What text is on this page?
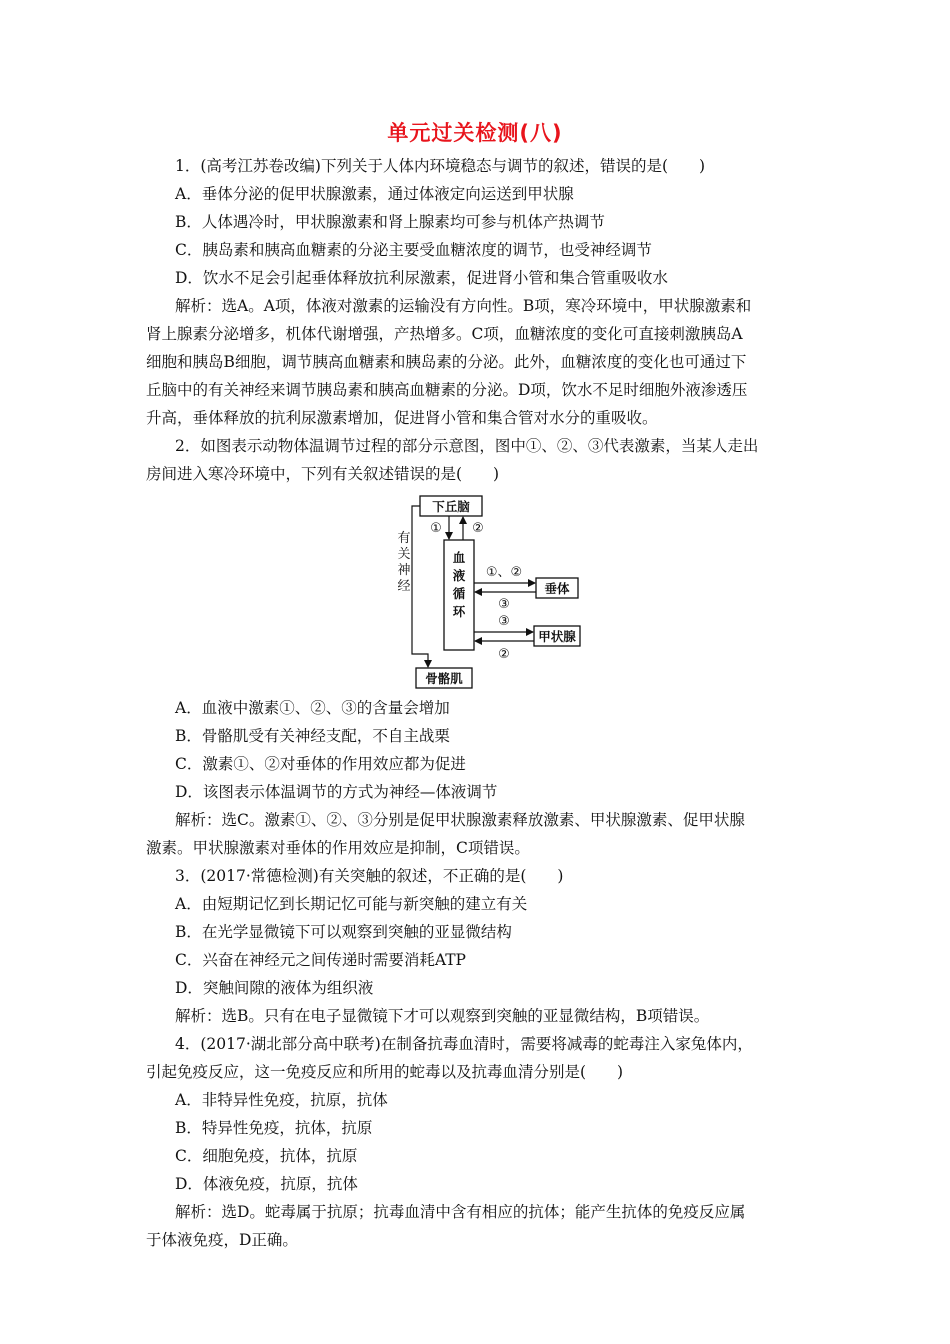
单元过关检测(八)
1．(高考江苏卷改编)下列关于人体内环境稳态与调节的叙述，错误的是(　　)
A．垂体分泌的促甲状腺激素，通过体液定向运送到甲状腺
B．人体遇冷时，甲状腺激素和肾上腺素均可参与机体产热调节
C．胰岛素和胰高血糖素的分泌主要受血糖浓度的调节，也受神经调节
D．饮水不足会引起垂体释放抗利尿激素，促进肾小管和集合管重吸收水
解析：选A。A项，体液对激素的运输没有方向性。B项，寒冷环境中，甲状腺激素和
肾上腺素分泌增多，机体代谢增强，产热增多。C项，血糖浓度的变化可直接刺激胰岛A
细胞和胰岛B细胞，调节胰高血糖素和胰岛素的分泌。此外，血糖浓度的变化也可通过下
丘脑中的有关神经来调节胰岛素和胰高血糖素的分泌。D项，饮水不足时细胞外液渗透压
升高，垂体释放的抗利尿激素增加，促进肾小管和集合管对水分的重吸收。
2．如图表示动物体温调节过程的部分示意图，图中①、②、③代表激素，当某人走出
房间进入寒冷环境中，下列有关叙述错误的是(　　)
下丘脑
血
液
循
环
垂体
甲状腺
骨骼肌
有
关
神
经
① ②
①、②
③
③
②
A．血液中激素①、②、③的含量会增加
B．骨骼肌受有关神经支配，不自主战栗
C．激素①、②对垂体的作用效应都为促进
D．该图表示体温调节的方式为神经—体液调节
解析：选C。激素①、②、③分别是促甲状腺激素释放激素、甲状腺激素、促甲状腺
激素。甲状腺激素对垂体的作用效应是抑制，C项错误。
3．(2017·常德检测)有关突触的叙述，不正确的是(　　)
A．由短期记忆到长期记忆可能与新突触的建立有关
B．在光学显微镜下可以观察到突触的亚显微结构
C．兴奋在神经元之间传递时需要消耗ATP
D．突触间隙的液体为组织液
解析：选B。只有在电子显微镜下才可以观察到突触的亚显微结构，B项错误。
4．(2017·湖北部分高中联考)在制备抗毒血清时，需要将减毒的蛇毒注入家兔体内，
引起免疫反应，这一免疫反应和所用的蛇毒以及抗毒血清分别是(　　)
A．非特异性免疫，抗原，抗体
B．特异性免疫，抗体，抗原
C．细胞免疫，抗体，抗原
D．体液免疫，抗原，抗体
解析：选D。蛇毒属于抗原；抗毒血清中含有相应的抗体；能产生抗体的免疫反应属
于体液免疫，D正确。
